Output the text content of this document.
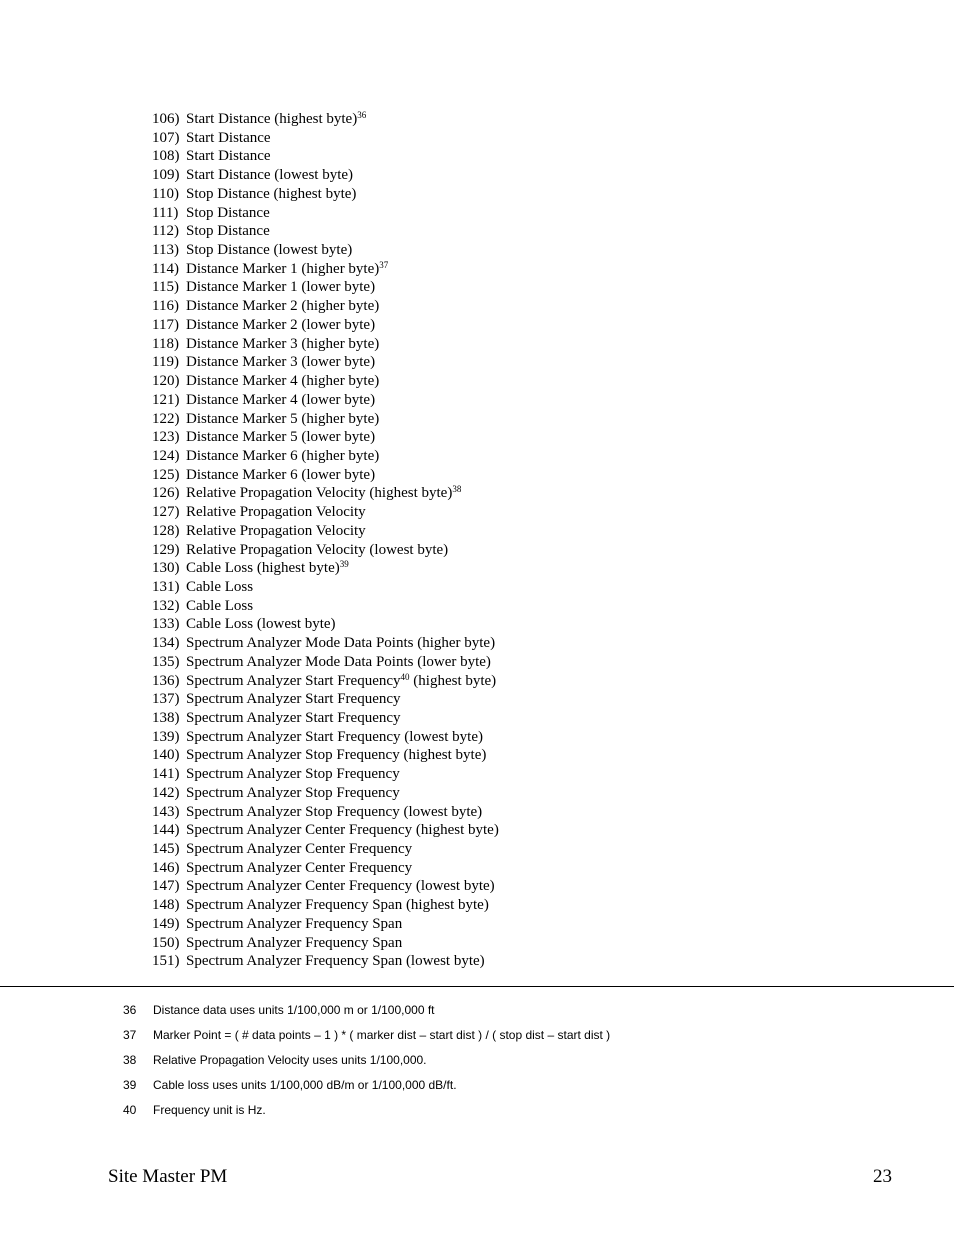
106) Start Distance (highest byte)$^{36}$
107) Start Distance
108) Start Distance
109) Start Distance (lowest byte)
110) Stop Distance (highest byte)
111) Stop Distance
112) Stop Distance
113) Stop Distance (lowest byte)
114) Distance Marker 1 (higher byte)$^{37}$
115) Distance Marker 1 (lower byte)
116) Distance Marker 2 (higher byte)
117) Distance Marker 2 (lower byte)
118) Distance Marker 3 (higher byte)
119) Distance Marker 3 (lower byte)
120) Distance Marker 4 (higher byte)
121) Distance Marker 4 (lower byte)
122) Distance Marker 5 (higher byte)
123) Distance Marker 5 (lower byte)
124) Distance Marker 6 (higher byte)
125) Distance Marker 6 (lower byte)
126) Relative Propagation Velocity (highest byte)$^{38}$
127) Relative Propagation Velocity
128) Relative Propagation Velocity
129) Relative Propagation Velocity (lowest byte)
130) Cable Loss (highest byte)$^{39}$
131) Cable Loss
132) Cable Loss
133) Cable Loss (lowest byte)
134) Spectrum Analyzer Mode Data Points (higher byte)
135) Spectrum Analyzer Mode Data Points (lower byte)
136) Spectrum Analyzer Start Frequency$^{40}$ (highest byte)
137) Spectrum Analyzer Start Frequency
138) Spectrum Analyzer Start Frequency
139) Spectrum Analyzer Start Frequency (lowest byte)
140) Spectrum Analyzer Stop Frequency (highest byte)
141) Spectrum Analyzer Stop Frequency
142) Spectrum Analyzer Stop Frequency
143) Spectrum Analyzer Stop Frequency (lowest byte)
144) Spectrum Analyzer Center Frequency (highest byte)
145) Spectrum Analyzer Center Frequency
146) Spectrum Analyzer Center Frequency
147) Spectrum Analyzer Center Frequency (lowest byte)
148) Spectrum Analyzer Frequency Span (highest byte)
149) Spectrum Analyzer Frequency Span
150) Spectrum Analyzer Frequency Span
151) Spectrum Analyzer Frequency Span (lowest byte)
36 Distance data uses units 1/100,000 m or 1/100,000 ft
37 Marker Point = ( # data points – 1 ) * ( marker dist – start dist ) / ( stop dist – start dist )
38 Relative Propagation Velocity uses units 1/100,000.
39 Cable loss uses units 1/100,000 dB/m or 1/100,000 dB/ft.
40 Frequency unit is Hz.
Site Master PM	23
